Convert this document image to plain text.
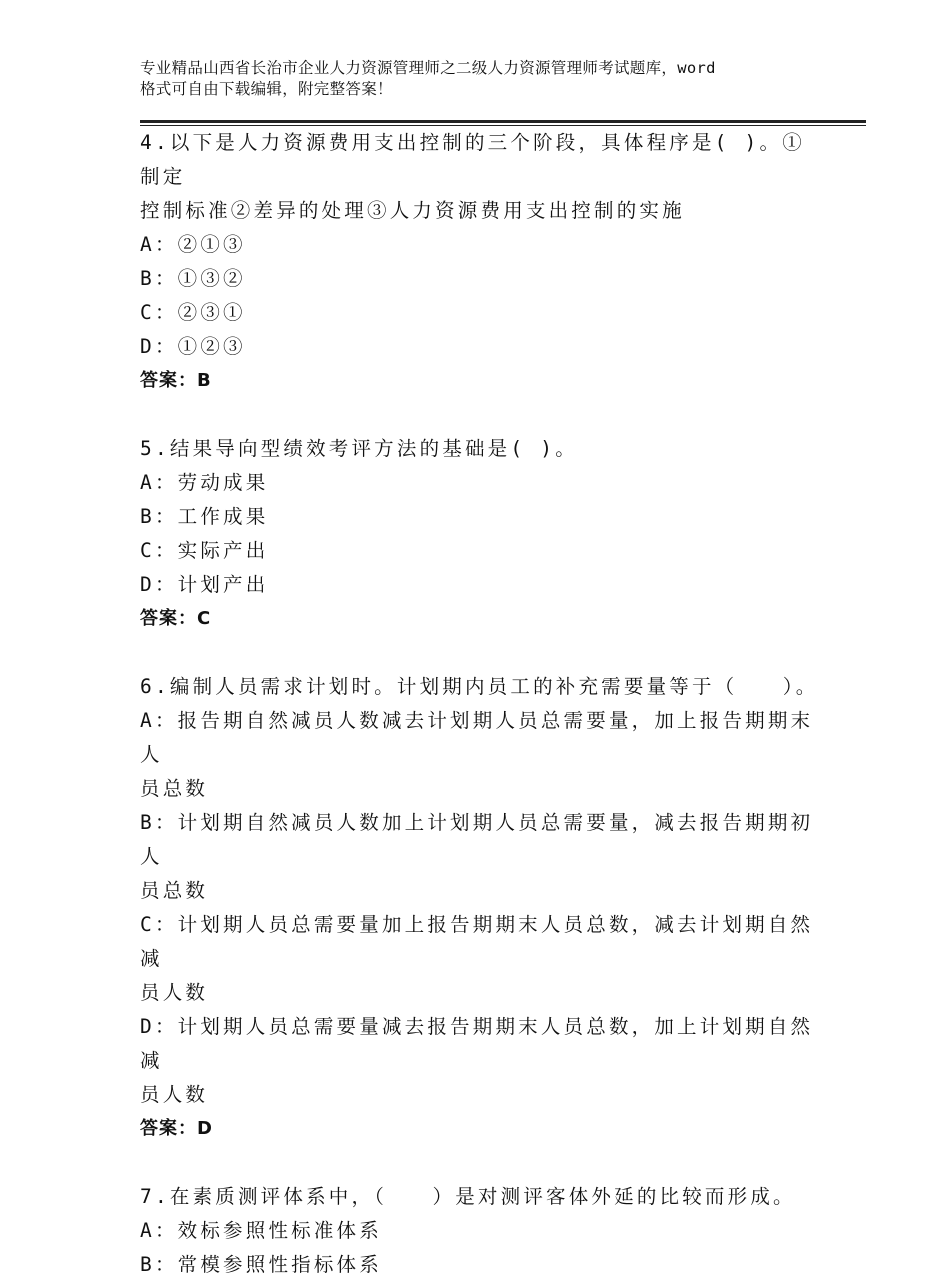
专业精品山西省长治市企业人力资源管理师之二级人力资源管理师考试题库，word
格式可自由下载编辑，附完整答案！
4.以下是人力资源费用支出控制的三个阶段，具体程序是( )。①制定
控制标准②差异的处理③人力资源费用支出控制的实施
A：②①③
B：①③②
C：②③①
D：①②③
答案：B
5.结果导向型绩效考评方法的基础是( )。
A：劳动成果
B：工作成果
C：实际产出
D：计划产出
答案：C
6.编制人员需求计划时。计划期内员工的补充需要量等于（　　）。
A：报告期自然减员人数减去计划期人员总需要量，加上报告期期末人
员总数
B：计划期自然减员人数加上计划期人员总需要量，减去报告期期初人
员总数
C：计划期人员总需要量加上报告期期末人员总数，减去计划期自然减
员人数
D：计划期人员总需要量减去报告期期末人员总数，加上计划期自然减
员人数
答案：D
7.在素质测评体系中，（　　）是对测评客体外延的比较而形成。
A：效标参照性标准体系
B：常模参照性指标体系
